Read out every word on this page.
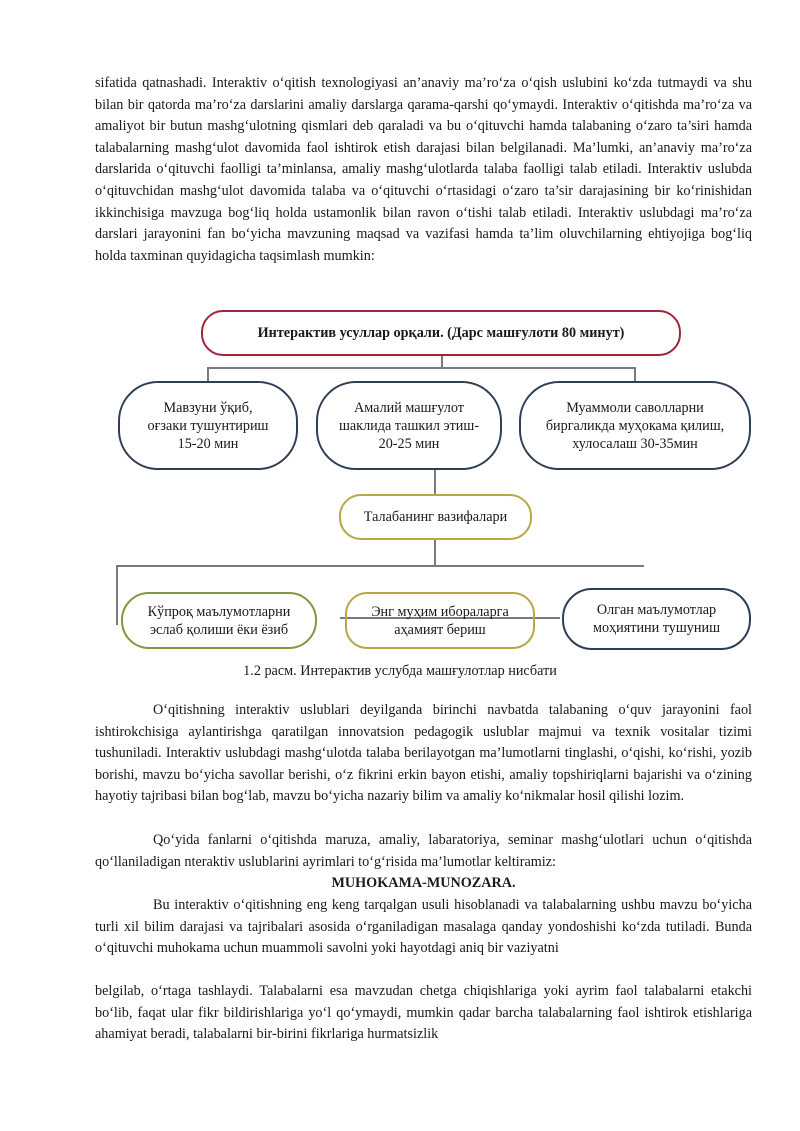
sifatida qatnashadi. Interaktiv oʻqitish texnologiyasi an’anaviy ma’roʻza oʻqish uslubini koʻzda tutmaydi va shu bilan bir qatorda ma’roʻza darslarini amaliy darslarga qarama-qarshi qoʻymaydi. Interaktiv oʻqitishda ma’roʻza va amaliyot bir butun mashgʻulotning qismlari deb qaraladi va bu oʻqituvchi hamda talabaning oʻzaro ta’siri hamda talabalarning mashgʻulot davomida faol ishtirok etish darajasi bilan belgilanadi. Ma’lumki, an’anaviy ma’roʻza darslarida oʻqituvchi faolligi ta’minlansa, amaliy mashgʻulotlarda talaba faolligi talab etiladi. Interaktiv uslubda oʻqituvchidan mashgʻulot davomida talaba va oʻqituvchi oʻrtasidagi oʻzaro ta’sir darajasining bir koʻrinishidan ikkinchisiga mavzuga bogʻliq holda ustamonlik bilan ravon oʻtishi talab etiladi. Interaktiv uslubdagi ma’roʻza darslari jarayonini fan boʻyicha mavzuning maqsad va vazifasi hamda ta’lim oluvchilarning ehtiyojiga bogʻliq holda taxminan quyidagicha taqsimlash mumkin:

Интерактив усуллар орқали. (Дарс машғулоти 80 минут)
Мавзуни ўқиб,
оғзаки тушунтириш
15-20 мин
Амалий машғулот
шаклида ташкил этиш-
20-25 мин
Муаммоли саволларни
биргаликда муҳокама қилиш,
хулосалаш 30-35мин
Талабанинг вазифалари
Кўпроқ маълумотларни
эслаб қолиши ёки ёзиб
Энг муҳим ибораларга
аҳамият бериш
Олган маълумотлар
моҳиятини тушуниш
1.2 расм. Интерактив услубда машғулотлар нисбати

Oʻqitishning interaktiv uslublari deyilganda birinchi navbatda talabaning oʻquv jarayonini faol ishtirokchisiga aylantirishga qaratilgan innovatsion pedagogik uslublar majmui va texnik vositalar tizimi tushuniladi. Interaktiv uslubdagi mashgʻulotda talaba berilayotgan ma’lumotlarni tinglashi, oʻqishi, koʻrishi, yozib borishi, mavzu boʻyicha savollar berishi, oʻz fikrini erkin bayon etishi, amaliy topshiriqlarni bajarishi va oʻzining hayotiy tajribasi bilan bogʻlab, mavzu boʻyicha nazariy bilim va amaliy koʻnikmalar hosil qilishi lozim.

Qoʻyida fanlarni oʻqitishda maruza, amaliy, labaratoriya, seminar mashgʻulotlari uchun oʻqitishda qoʻllaniladigan nteraktiv uslublarini ayrimlari toʻgʻrisida ma’lumotlar keltiramiz:

MUHOKAMA-MUNOZARA.

Bu interaktiv oʻqitishning eng keng tarqalgan usuli hisoblanadi va talabalarning ushbu mavzu boʻyicha turli xil bilim darajasi va tajribalari asosida oʻrganiladigan masalaga qanday yondoshishi koʻzda tutiladi. Bunda oʻqituvchi muhokama uchun muammoli savolni yoki hayotdagi aniq bir vaziyatni

belgilab, oʻrtaga tashlaydi. Talabalarni esa mavzudan chetga chiqishlariga yoki ayrim faol talabalarni etakchi boʻlib, faqat ular fikr bildirishlariga yoʻl qoʻymaydi, mumkin qadar barcha talabalarning faol ishtirok etishlariga ahamiyat beradi, talabalarni bir-birini fikrlariga hurmatsizlik
